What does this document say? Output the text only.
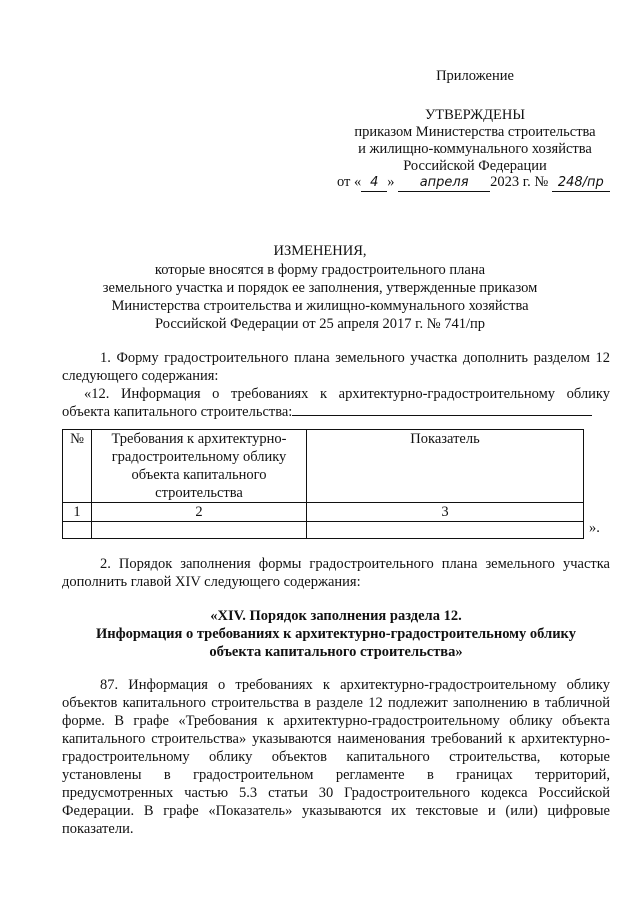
Приложение
УТВЕРЖДЕНЫ
приказом Министерства строительства
и жилищно-коммунального хозяйства
Российской Федерации
от « 4 » апреля 2023 г. № 248/пр
ИЗМЕНЕНИЯ,
которые вносятся в форму градостроительного плана
земельного участка и порядок ее заполнения, утвержденные приказом
Министерства строительства и жилищно-коммунального хозяйства
Российской Федерации от 25 апреля 2017 г. № 741/пр
1. Форму градостроительного плана земельного участка дополнить разделом 12 следующего содержания:
«12. Информация о требованиях к архитектурно-градостроительному облику объекта капитального строительства:
№	Требования к архитектурно-градостроительному облику объекта капитального строительства	Показатель
1	2	3

».
2. Порядок заполнения формы градостроительного плана земельного участка дополнить главой XIV следующего содержания:
«XIV. Порядок заполнения раздела 12.
Информация о требованиях к архитектурно-градостроительному облику
объекта капитального строительства»
87. Информация о требованиях к архитектурно-градостроительному облику объектов капитального строительства в разделе 12 подлежит заполнению в табличной форме. В графе «Требования к архитектурно-градостроительному облику объекта капитального строительства» указываются наименования требований к архитектурно-градостроительному облику объектов капитального строительства, которые установлены в градостроительном регламенте в границах территорий, предусмотренных частью 5.3 статьи 30 Градостроительного кодекса Российской Федерации. В графе «Показатель» указываются их текстовые и (или) цифровые показатели.
